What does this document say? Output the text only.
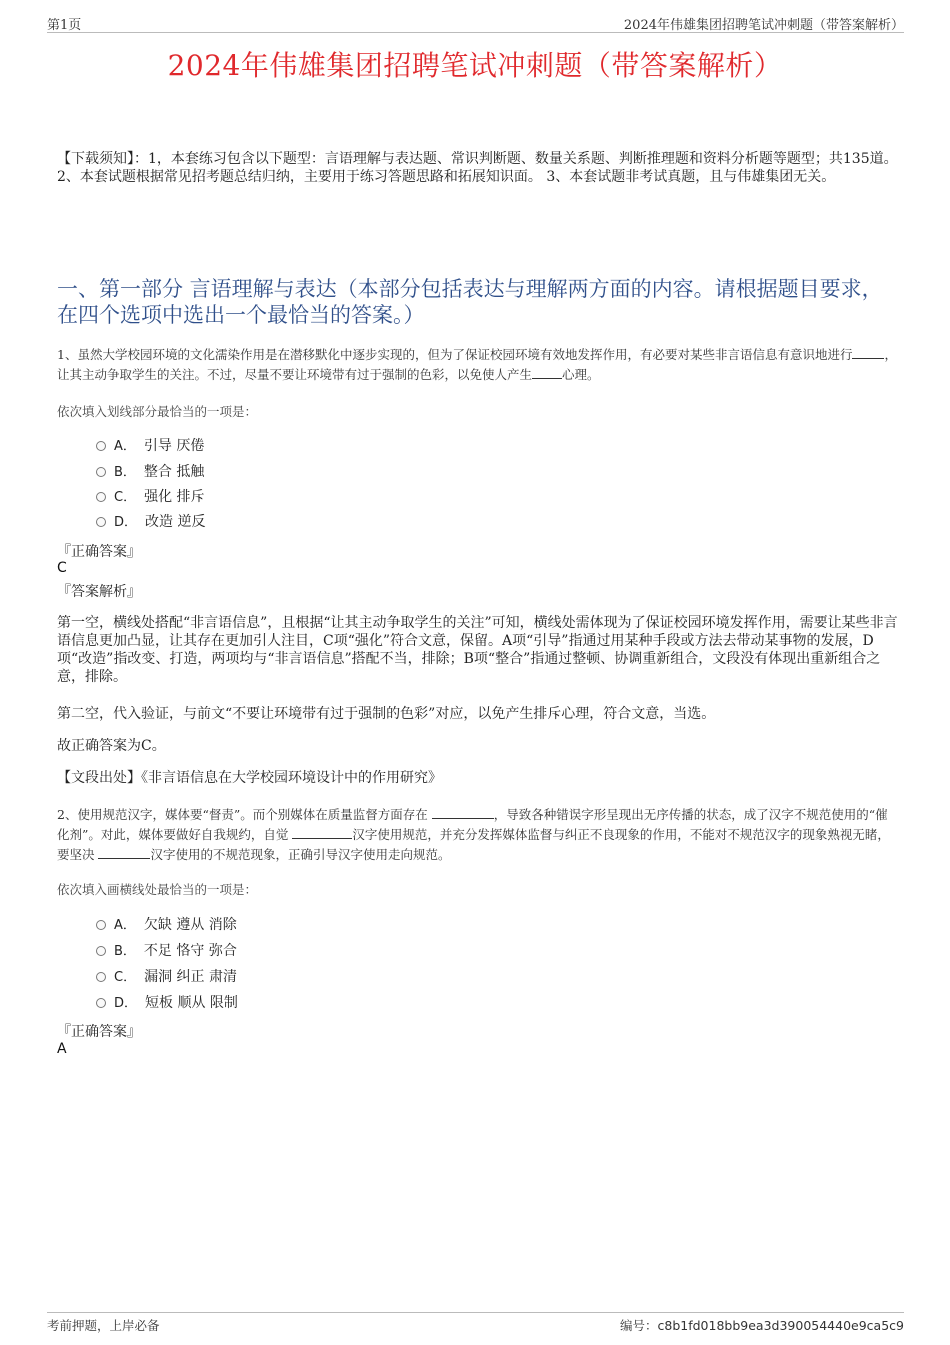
第1页	2024年伟雄集团招聘笔试冲刺题（带答案解析）
2024年伟雄集团招聘笔试冲刺题（带答案解析）
【下载须知】：1，本套练习包含以下题型：言语理解与表达题、常识判断题、数量关系题、判断推理题和资料分析题等题型；共135道。 2、本套试题根据常见招考题总结归纳，主要用于练习答题思路和拓展知识面。 3、本套试题非考试真题，且与伟雄集团无关。
一、第一部分 言语理解与表达（本部分包括表达与理解两方面的内容。请根据题目要求，在四个选项中选出一个最恰当的答案。）
1、虽然大学校园环境的文化濡染作用是在潜移默化中逐步实现的，但为了保证校园环境有效地发挥作用，有必要对某些非言语信息有意识地进行	，让其主动争取学生的关注。不过，尽量不要让环境带有过于强制的色彩，以免使人产生 心理。
依次填入划线部分最恰当的一项是：
A． 引导 厌倦
B． 整合 抵触
C． 强化 排斥
D． 改造 逆反
『正确答案』
C
『答案解析』
第一空，横线处搭配“非言语信息”，且根据“让其主动争取学生的关注”可知，横线处需体现为了保证校园环境发挥作用，需要让某些非言语信息更加凸显，让其存在更加引人注目，C项“强化”符合文意，保留。A项“引导”指通过用某种手段或方法去带动某事物的发展，D项“改造”指改变、打造，两项均与“非言语信息”搭配不当，排除；B项“整合”指通过整顿、协调重新组合，文段没有体现出重新组合之意，排除。
第二空，代入验证，与前文“不要让环境带有过于强制的色彩”对应，以免产生排斥心理，符合文意，当选。
故正确答案为C。
【文段出处】《非言语信息在大学校园环境设计中的作用研究》
2、使用规范汉字，媒体要“督责”。而个别媒体在质量监督方面存在	，导致各种错误字形呈现出无序传播的状态，成了汉字不规范使用的“催化剂”。对此，媒体要做好自我规约，自觉	汉字使用规范，并充分发挥媒体监督与纠正不良现象的作用，不能对不规范汉字的现象熟视无睹，要坚决	汉字使用的不规范现象，正确引导汉字使用走向规范。
依次填入画横线处最恰当的一项是：
A． 欠缺 遵从 消除
B． 不足 恪守 弥合
C． 漏洞 纠正 肃清
D． 短板 顺从 限制
『正确答案』
A
考前押题，上岸必备	编号：c8b1fd018bb9ea3d390054440e9ca5c9
